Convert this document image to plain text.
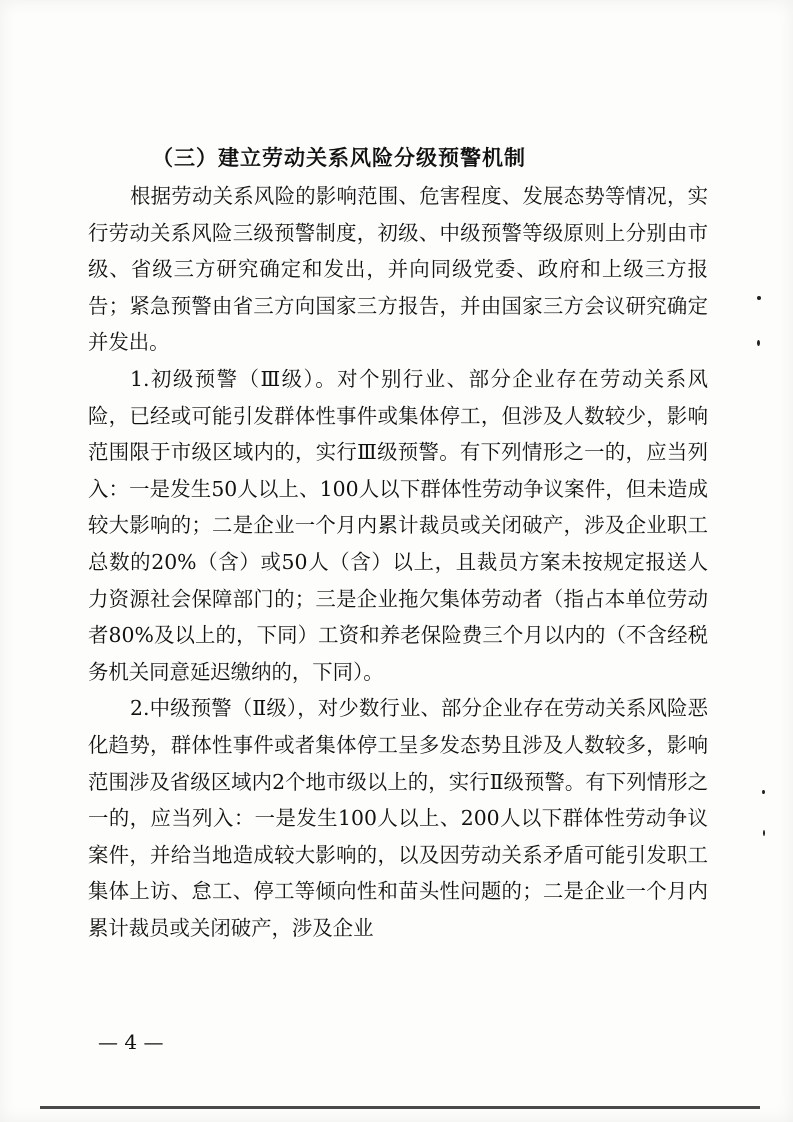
（三）建立劳动关系风险分级预警机制

根据劳动关系风险的影响范围、危害程度、发展态势等情况，实行劳动关系风险三级预警制度，初级、中级预警等级原则上分别由市级、省级三方研究确定和发出，并向同级党委、政府和上级三方报告；紧急预警由省三方向国家三方报告，并由国家三方会议研究确定并发出。

1.初级预警（Ⅲ级）。对个别行业、部分企业存在劳动关系风险，已经或可能引发群体性事件或集体停工，但涉及人数较少，影响范围限于市级区域内的，实行Ⅲ级预警。有下列情形之一的，应当列入：一是发生50人以上、100人以下群体性劳动争议案件，但未造成较大影响的；二是企业一个月内累计裁员或关闭破产，涉及企业职工总数的20%（含）或50人（含）以上，且裁员方案未按规定报送人力资源社会保障部门的；三是企业拖欠集体劳动者（指占本单位劳动者80%及以上的，下同）工资和养老保险费三个月以内的（不含经税务机关同意延迟缴纳的，下同）。

2.中级预警（Ⅱ级），对少数行业、部分企业存在劳动关系风险恶化趋势，群体性事件或者集体停工呈多发态势且涉及人数较多，影响范围涉及省级区域内2个地市级以上的，实行Ⅱ级预警。有下列情形之一的，应当列入：一是发生100人以上、200人以下群体性劳动争议案件，并给当地造成较大影响的，以及因劳动关系矛盾可能引发职工集体上访、怠工、停工等倾向性和苗头性问题的；二是企业一个月内累计裁员或关闭破产，涉及企业

— 4 —
